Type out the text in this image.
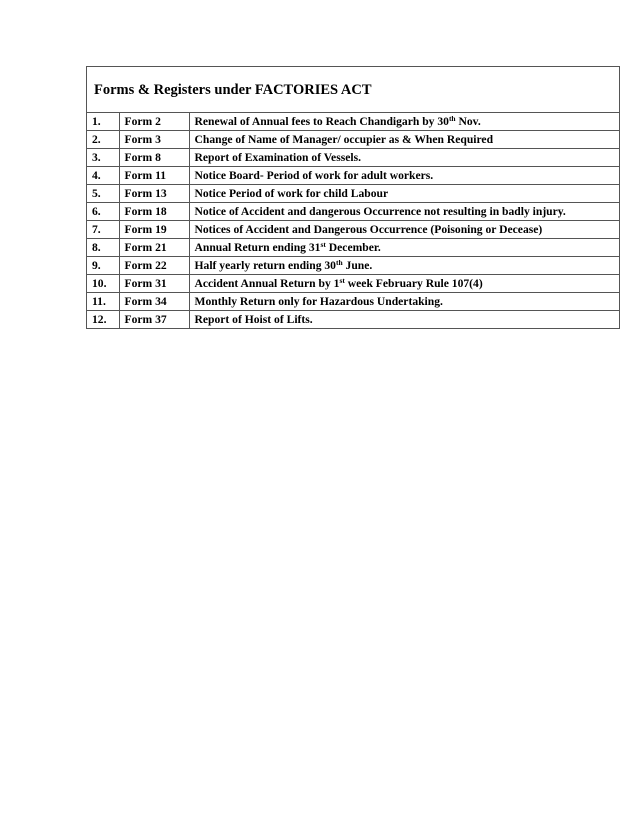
Forms & Registers under FACTORIES ACT
1.	Form 2	Renewal of Annual fees to Reach Chandigarh by 30th Nov.
2.	Form 3	Change of Name of Manager/ occupier as & When Required
3.	Form 8	Report of Examination of Vessels.
4.	Form 11	Notice Board- Period of work for adult workers.
5.	Form 13	Notice Period of work for child Labour
6.	Form 18	Notice of Accident and dangerous Occurrence not resulting in badly injury.
7.	Form 19	Notices of Accident and Dangerous Occurrence (Poisoning or Decease)
8.	Form 21	Annual Return ending 31st December.
9.	Form 22	Half yearly return ending 30th June.
10.	Form 31	Accident Annual Return by 1st week February Rule 107(4)
11.	Form 34	Monthly Return only for Hazardous Undertaking.
12.	Form 37	Report of Hoist of Lifts.
